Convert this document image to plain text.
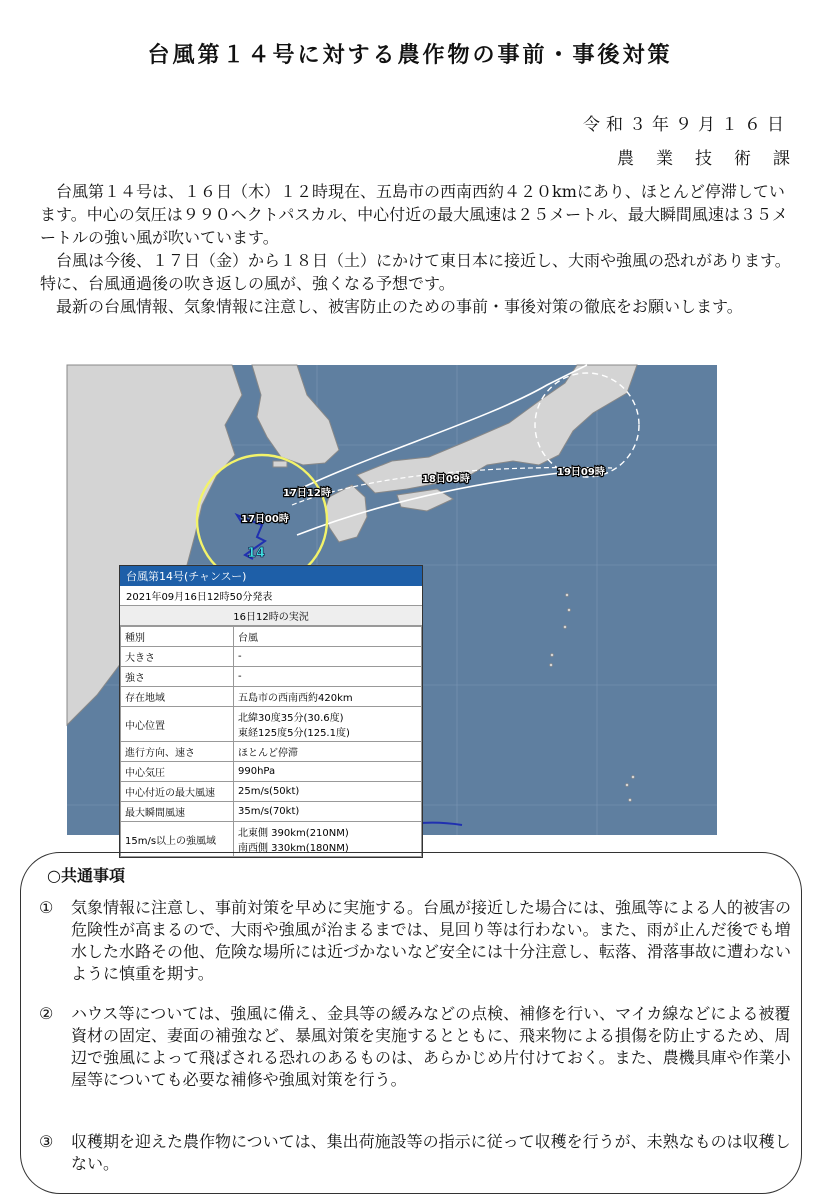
台風第１４号に対する農作物の事前・事後対策
令和３年９月１６日
農業技術課

台風第１４号は、１６日（木）１２時現在、五島市の西南西約４２０kmにあり、ほとんど停滞しています。中心の気圧は９９０ヘクトパスカル、中心付近の最大風速は２５メートル、最大瞬間風速は３５メートルの強い風が吹いています。

台風は今後、１７日（金）から１８日（土）にかけて東日本に接近し、大雨や強風の恐れがあります。特に、台風通過後の吹き返しの風が、強くなる予想です。

最新の台風情報、気象情報に注意し、被害防止のための事前・事後対策の徹底をお願いします。

17日00時
17日12時
18日09時
19日09時
14
台風第14号(チャンスー)
2021年09月16日12時50分発表
16日12時の実況
種別	台風
大きさ	-
強さ	-
存在地域	五島市の西南西約420km
中心位置	北緯30度35分(30.6度)
東経125度5分(125.1度)

進行方向、速さ	ほとんど停滞
中心気圧	990hPa
中心付近の最大風速	25m/s(50kt)
最大瞬間風速	35m/s(70kt)
15m/s以上の強風域	北東側 390km(210NM)
南西側 330km(180NM)
○共通事項
① 気象情報に注意し、事前対策を早めに実施する。台風が接近した場合には、強風等による人的被害の危険性が高まるので、大雨や強風が治まるまでは、見回り等は行わない。また、雨が止んだ後でも増水した水路その他、危険な場所には近づかないなど安全には十分注意し、転落、滑落事故に遭わないように慎重を期す。
② ハウス等については、強風に備え、金具等の緩みなどの点検、補修を行い、マイカ線などによる被覆資材の固定、妻面の補強など、暴風対策を実施するとともに、飛来物による損傷を防止するため、周辺で強風によって飛ばされる恐れのあるものは、あらかじめ片付けておく。また、農機具庫や作業小屋等についても必要な補修や強風対策を行う。
③ 収穫期を迎えた農作物については、集出荷施設等の指示に従って収穫を行うが、未熟なものは収穫しない。
